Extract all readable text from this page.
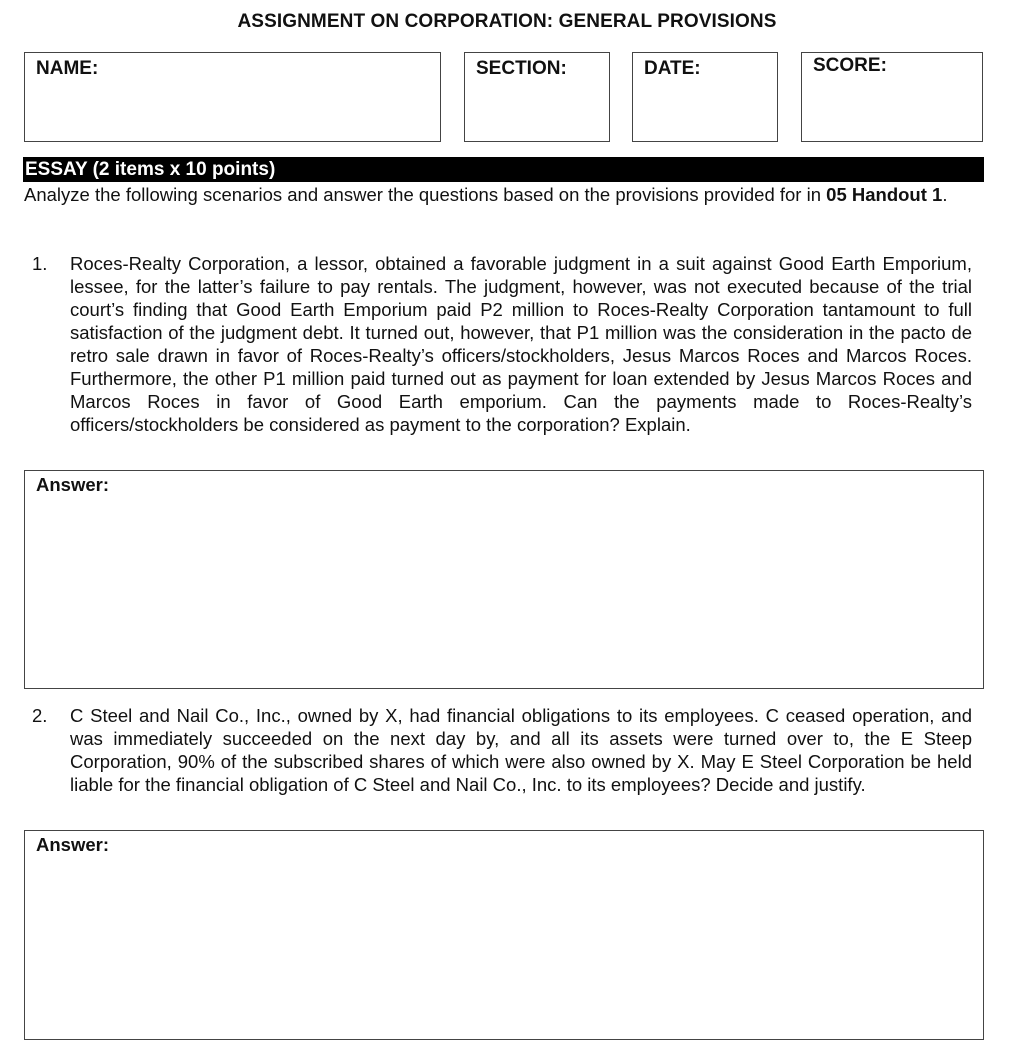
ASSIGNMENT ON CORPORATION: GENERAL PROVISIONS
NAME:	SECTION:	DATE:	SCORE:
ESSAY (2 items x 10 points)
Analyze the following scenarios and answer the questions based on the provisions provided for in 05 Handout 1.
1. Roces-Realty Corporation, a lessor, obtained a favorable judgment in a suit against Good Earth Emporium, lessee, for the latter’s failure to pay rentals. The judgment, however, was not executed because of the trial court’s finding that Good Earth Emporium paid P2 million to Roces-Realty Corporation tantamount to full satisfaction of the judgment debt. It turned out, however, that P1 million was the consideration in the pacto de retro sale drawn in favor of Roces-Realty’s officers/stockholders, Jesus Marcos Roces and Marcos Roces. Furthermore, the other P1 million paid turned out as payment for loan extended by Jesus Marcos Roces and Marcos Roces in favor of Good Earth emporium. Can the payments made to Roces-Realty’s officers/stockholders be considered as payment to the corporation? Explain.
Answer:
2. C Steel and Nail Co., Inc., owned by X, had financial obligations to its employees. C ceased operation, and was immediately succeeded on the next day by, and all its assets were turned over to, the E Steep Corporation, 90% of the subscribed shares of which were also owned by X. May E Steel Corporation be held liable for the financial obligation of C Steel and Nail Co., Inc. to its employees? Decide and justify.
Answer:
